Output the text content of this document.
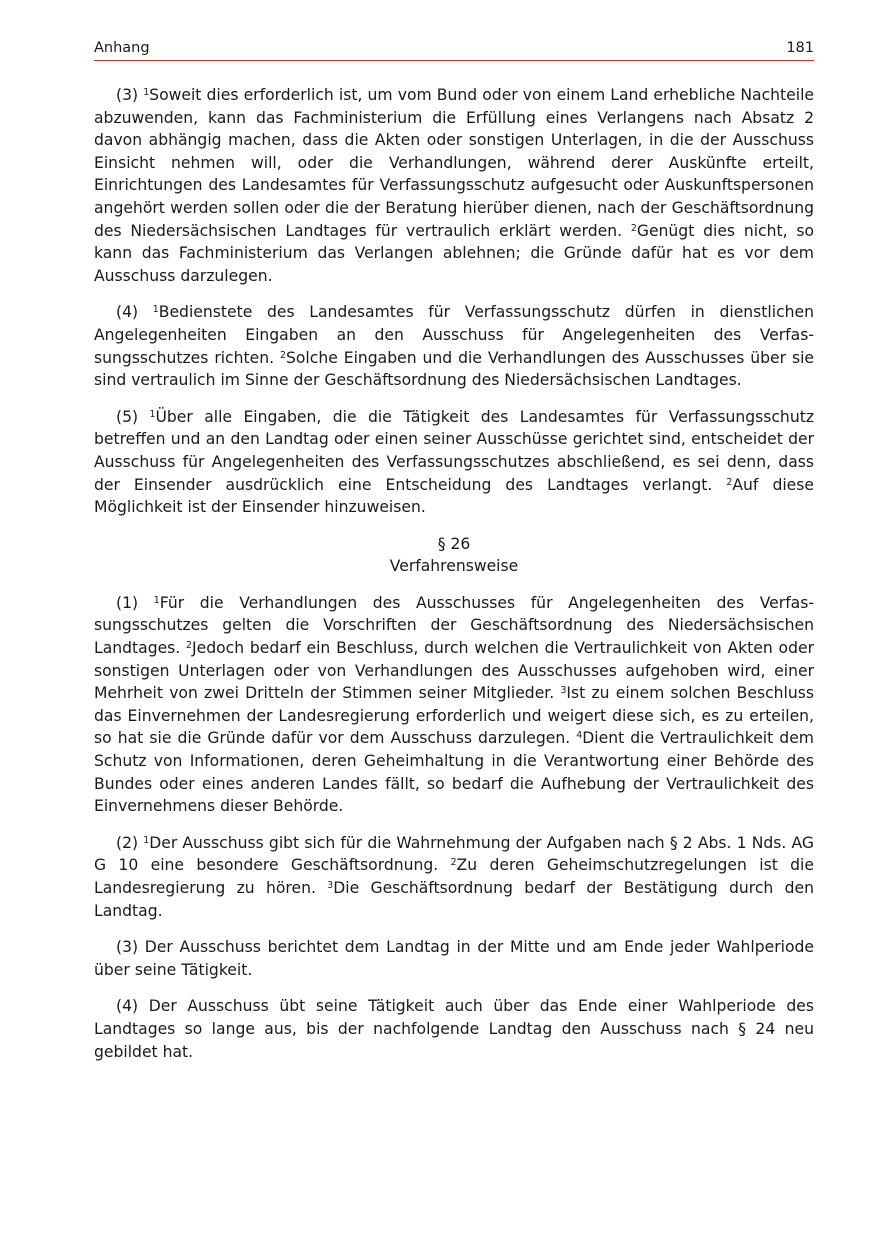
Anhang	181

(3) $^1$Soweit dies erforderlich ist, um vom Bund oder von einem Land erhebliche Nachteile abzuwenden, kann das Fachministerium die Erfüllung eines Verlangens nach Absatz 2 davon abhängig machen, dass die Akten oder sonstigen Unterlagen, in die der Ausschuss Einsicht nehmen will, oder die Verhandlungen, während derer Auskünfte erteilt, Einrichtungen des Landesamtes für Verfassungsschutz aufgesucht oder Auskunftspersonen angehört werden sollen oder die der Beratung hierüber dienen, nach der Geschäftsordnung des Niedersächsischen Landtages für vertraulich erklärt werden. $^2$Genügt dies nicht, so kann das Fachministerium das Verlangen ablehnen; die Gründe dafür hat es vor dem Ausschuss darzulegen.

(4) $^1$Bedienstete des Landesamtes für Verfassungsschutz dürfen in dienstlichen Angelegenheiten Eingaben an den Ausschuss für Angelegenheiten des Verfassungsschutzes richten. $^2$Solche Eingaben und die Verhandlungen des Ausschusses über sie sind vertraulich im Sinne der Geschäftsordnung des Niedersächsischen Landtages.

(5) $^1$Über alle Eingaben, die die Tätigkeit des Landesamtes für Verfassungsschutz betreffen und an den Landtag oder einen seiner Ausschüsse gerichtet sind, entscheidet der Ausschuss für Angelegenheiten des Verfassungsschutzes abschließend, es sei denn, dass der Einsender ausdrücklich eine Entscheidung des Landtages verlangt. $^2$Auf diese Möglichkeit ist der Einsender hinzuweisen.

§ 26
Verfahrensweise

(1) $^1$Für die Verhandlungen des Ausschusses für Angelegenheiten des Verfassungsschutzes gelten die Vorschriften der Geschäftsordnung des Niedersächsischen Landtages. $^2$Jedoch bedarf ein Beschluss, durch welchen die Vertraulichkeit von Akten oder sonstigen Unterlagen oder von Verhandlungen des Ausschusses aufgehoben wird, einer Mehrheit von zwei Dritteln der Stimmen seiner Mitglieder. $^3$Ist zu einem solchen Beschluss das Einvernehmen der Landesregierung erforderlich und weigert diese sich, es zu erteilen, so hat sie die Gründe dafür vor dem Ausschuss darzulegen. $^4$Dient die Vertraulichkeit dem Schutz von Informationen, deren Geheimhaltung in die Verantwortung einer Behörde des Bundes oder eines anderen Landes fällt, so bedarf die Aufhebung der Vertraulichkeit des Einvernehmens dieser Behörde.

(2) $^1$Der Ausschuss gibt sich für die Wahrnehmung der Aufgaben nach § 2 Abs. 1 Nds. AG G 10 eine besondere Geschäftsordnung. $^2$Zu deren Geheimschutzregelungen ist die Landesregierung zu hören. $^3$Die Geschäftsordnung bedarf der Bestätigung durch den Landtag.

(3) Der Ausschuss berichtet dem Landtag in der Mitte und am Ende jeder Wahlperiode über seine Tätigkeit.

(4) Der Ausschuss übt seine Tätigkeit auch über das Ende einer Wahlperiode des Landtages so lange aus, bis der nachfolgende Landtag den Ausschuss nach § 24 neu gebildet hat.
